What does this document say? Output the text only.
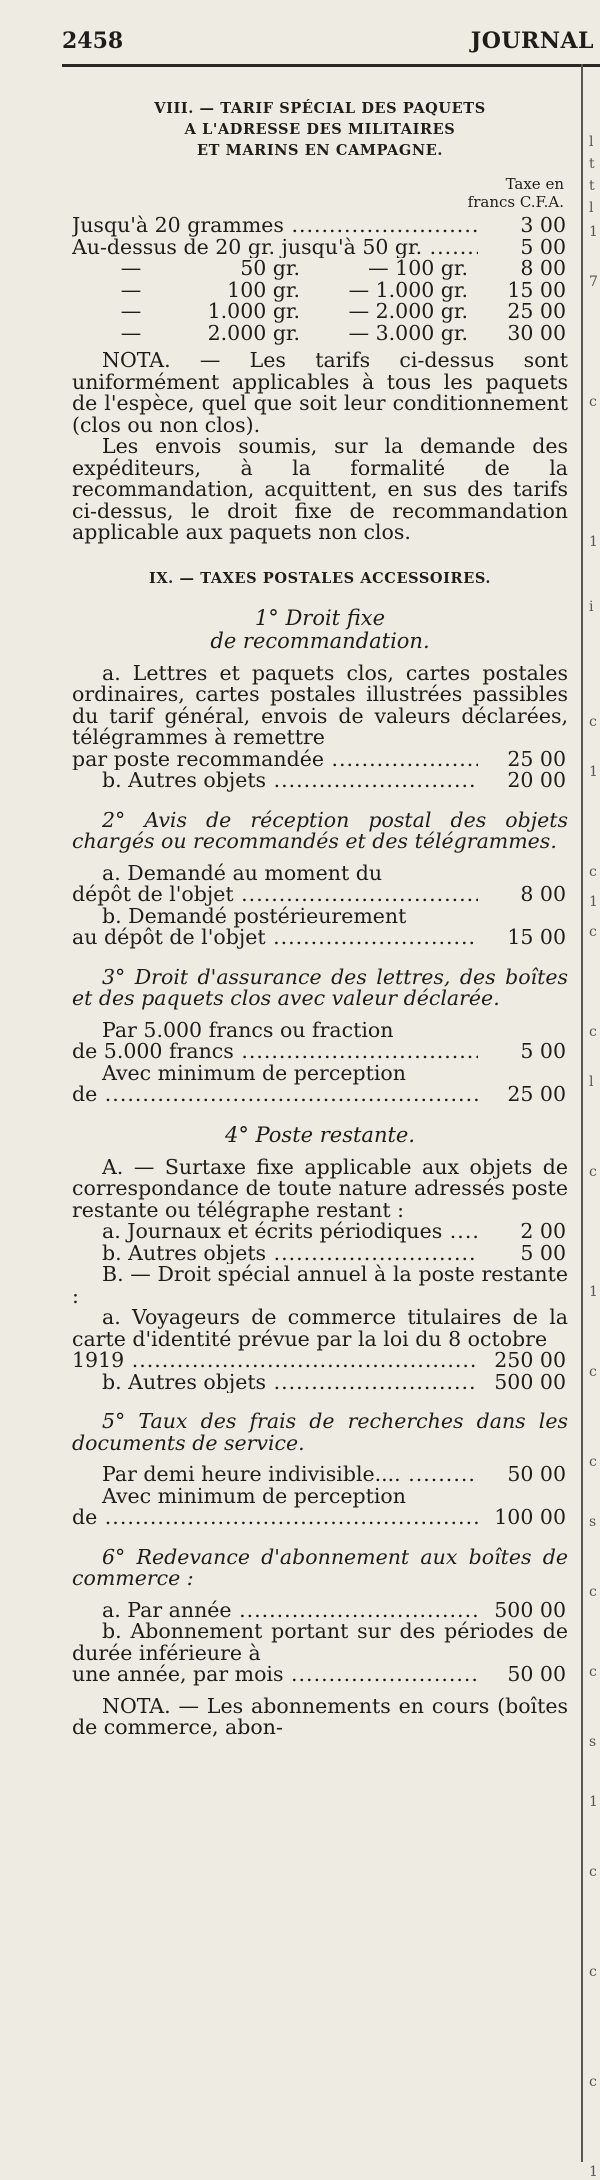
2458	JOURNAL
l
t
t
l
1
7
c
1
i
c
1
c
1
c
c
l
c
1
c
c
s
c
c
s
1
c
c
c
1
VIII. — TARIF SPÉCIAL DES PAQUETS
A L'ADRESSE DES MILITAIRES
ET MARINS EN CAMPAGNE.
Taxe en
francs C.F.A.
Jusqu'à 20 grammes .....	3 00
Au-dessus de 20 gr. jusqu'à 50 gr. .....	5 00
—	50 gr.	— 100 gr.	8 00
—	100 gr.	— 1.000 gr.	15 00
—	1.000 gr.	— 2.000 gr.	25 00
—	2.000 gr.	— 3.000 gr.	30 00

NOTA. — Les tarifs ci-dessus sont uniformément applicables à tous les paquets de l'espèce, quel que soit leur conditionnement (clos ou non clos).

Les envois soumis, sur la demande des expéditeurs, à la formalité de la recommandation, acquittent, en sus des tarifs ci-dessus, le droit fixe de recommandation applicable aux paquets non clos.

IX. — TAXES POSTALES ACCESSOIRES.
1° Droit fixe
de recommandation.

a. Lettres et paquets clos, cartes postales ordinaires, cartes postales illustrées passibles du tarif général, envois de valeurs déclarées, télégrammes à remettre

par poste recommandée .....	25 00
b. Autres objets .....	20 00

2° Avis de réception postal des objets chargés ou recommandés et des télégrammes.

a. Demandé au moment du

dépôt de l'objet .....	8 00

b. Demandé postérieurement

au dépôt de l'objet .....	15 00

3° Droit d'assurance des lettres, des boîtes et des paquets clos avec valeur déclarée.

Par 5.000 francs ou fraction

de 5.000 francs .....	5 00

Avec minimum de perception

de .....	25 00
4° Poste restante.

A. — Surtaxe fixe applicable aux objets de correspondance de toute nature adressés poste restante ou télégraphe restant :

a. Journaux et écrits périodiques .....	2 00
b. Autres objets .....	5 00

B. — Droit spécial annuel à la poste restante :

a. Voyageurs de commerce titulaires de la carte d'identité prévue par la loi du 8 octobre

1919 .....	250 00
b. Autres objets .....	500 00

5° Taux des frais de recherches dans les documents de service.

Par demi heure indivisible.... .....	50 00

Avec minimum de perception

de .....	100 00

6° Redevance d'abonnement aux boîtes de commerce :

a. Par année .....	500 00

b. Abonnement portant sur des périodes de durée inférieure à

une année, par mois .....	50 00

NOTA. — Les abonnements en cours (boîtes de commerce, abon-
